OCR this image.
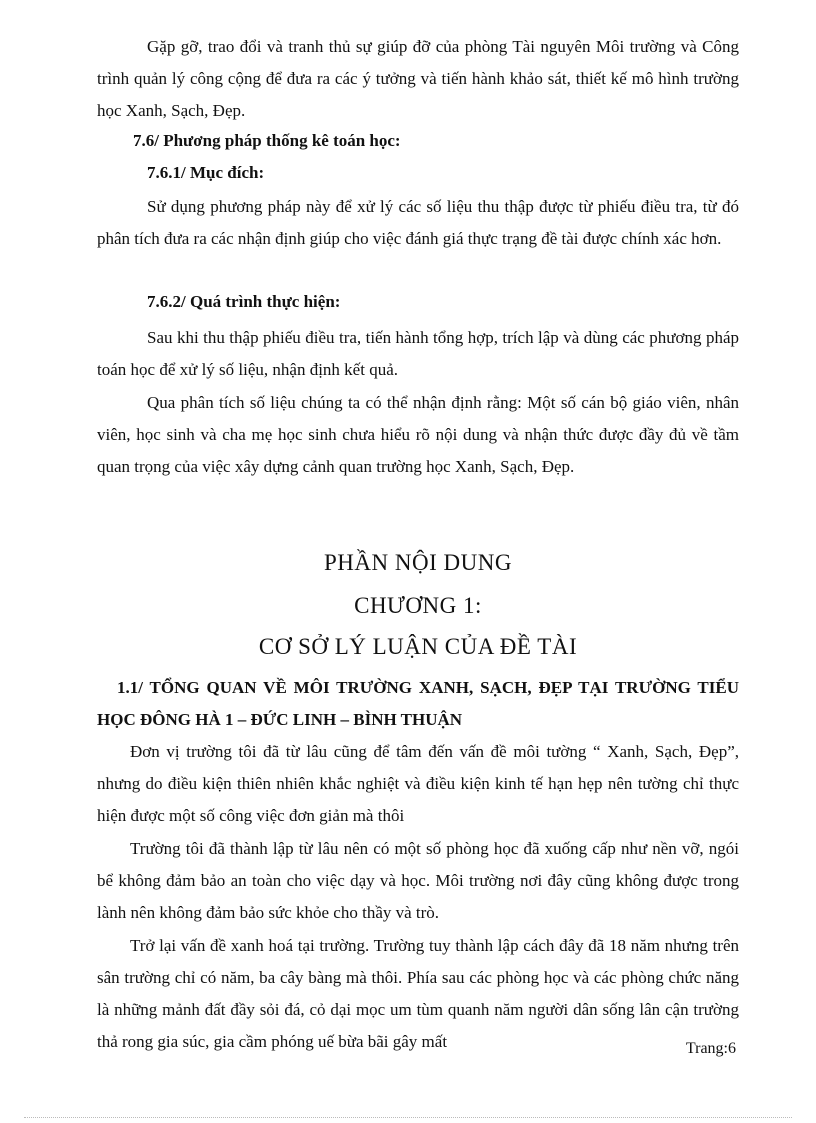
Gặp gỡ, trao đổi và tranh thủ sự giúp đỡ của phòng Tài nguyên Môi trường và Công trình quản lý công cộng để đưa ra các ý tưởng và tiến hành khảo sát, thiết kế mô hình trường học Xanh, Sạch, Đẹp.

7.6/ Phương pháp thống kê toán học:

7.6.1/ Mục đích:

Sử dụng phương pháp này để xử lý các số liệu thu thập được từ phiếu điều tra, từ đó phân tích đưa ra các nhận định giúp cho việc đánh giá thực trạng đề tài được chính xác hơn.

7.6.2/ Quá trình thực hiện:

Sau khi thu thập phiếu điều tra, tiến hành tổng hợp, trích lập và dùng các phương pháp toán học để xử lý số liệu, nhận định kết quả.

Qua phân tích số liệu chúng ta có thể nhận định rằng: Một số cán bộ giáo viên, nhân viên, học sinh và cha mẹ học sinh chưa hiểu rõ nội dung và nhận thức được đầy đủ về tầm quan trọng của việc xây dựng cảnh quan trường học Xanh, Sạch, Đẹp.

PHẦN NỘI DUNG

CHƯƠNG 1:

CƠ SỞ LÝ LUẬN CỦA ĐỀ TÀI

1.1/ TỔNG QUAN VỀ MÔI TRƯỜNG XANH, SẠCH, ĐẸP TẠI TRƯỜNG TIỂU HỌC ĐÔNG HÀ 1 – ĐỨC LINH – BÌNH THUẬN

Đơn vị trường tôi đã từ lâu cũng để tâm đến vấn đề môi tường “ Xanh, Sạch, Đẹp”, nhưng do điều kiện thiên nhiên khắc nghiệt và điều kiện kinh tế hạn hẹp nên tường chỉ thực hiện được một số công việc đơn giản mà thôi

Trường tôi đã thành lập từ lâu nên có một số phòng học đã xuống cấp như nền vỡ, ngói bể không đảm bảo an toàn cho việc dạy và học. Môi trường nơi đây cũng không được trong lành nên không đảm bảo sức khỏe cho thầy và trò.

Trở lại vấn đề xanh hoá tại trường. Trường tuy thành lập cách đây đã 18 năm nhưng trên sân trường chỉ có năm, ba cây bàng mà thôi. Phía sau các phòng học và các phòng chức năng là những mảnh đất đầy sỏi đá, cỏ dại mọc um tùm quanh năm người dân sống lân cận trường thả rong gia súc, gia cầm phóng uế bừa bãi gây mất	Trang:6
